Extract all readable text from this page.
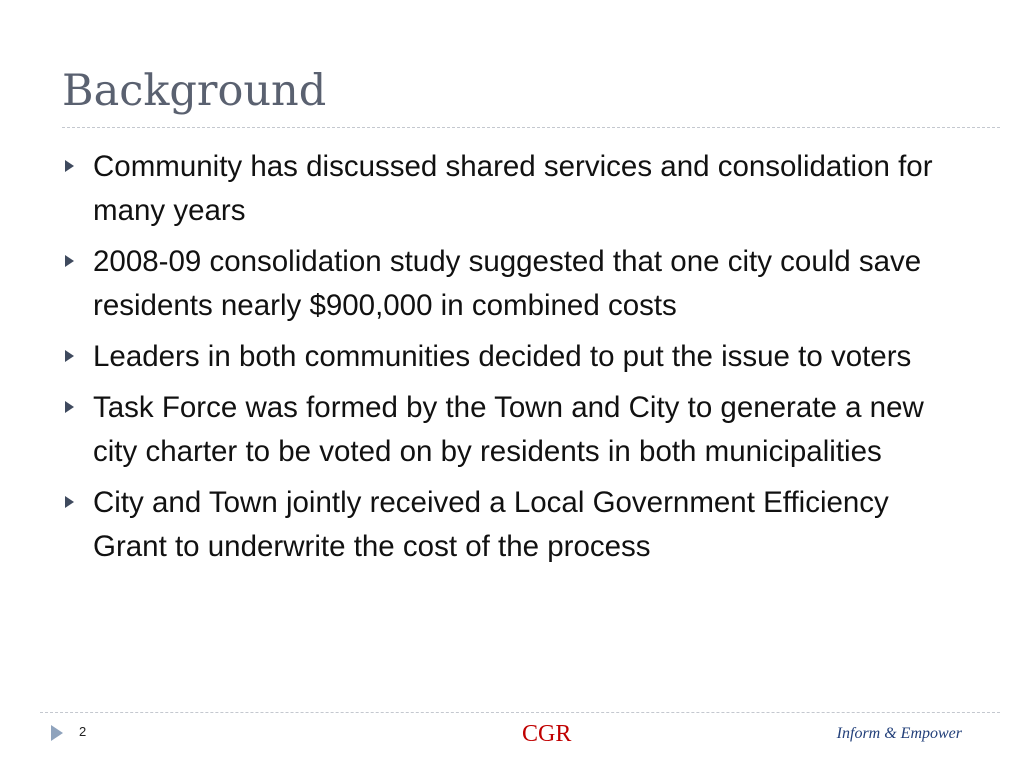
Background
Community has discussed shared services and consolidation for many years
2008-09 consolidation study suggested that one city could save residents nearly $900,000 in combined costs
Leaders in both communities decided to put the issue to voters
Task Force was formed by the Town and City to generate a new city charter to be voted on by residents in both municipalities
City and Town jointly received a Local Government Efficiency Grant to underwrite the cost of the process
2	CGR	Inform & Empower
